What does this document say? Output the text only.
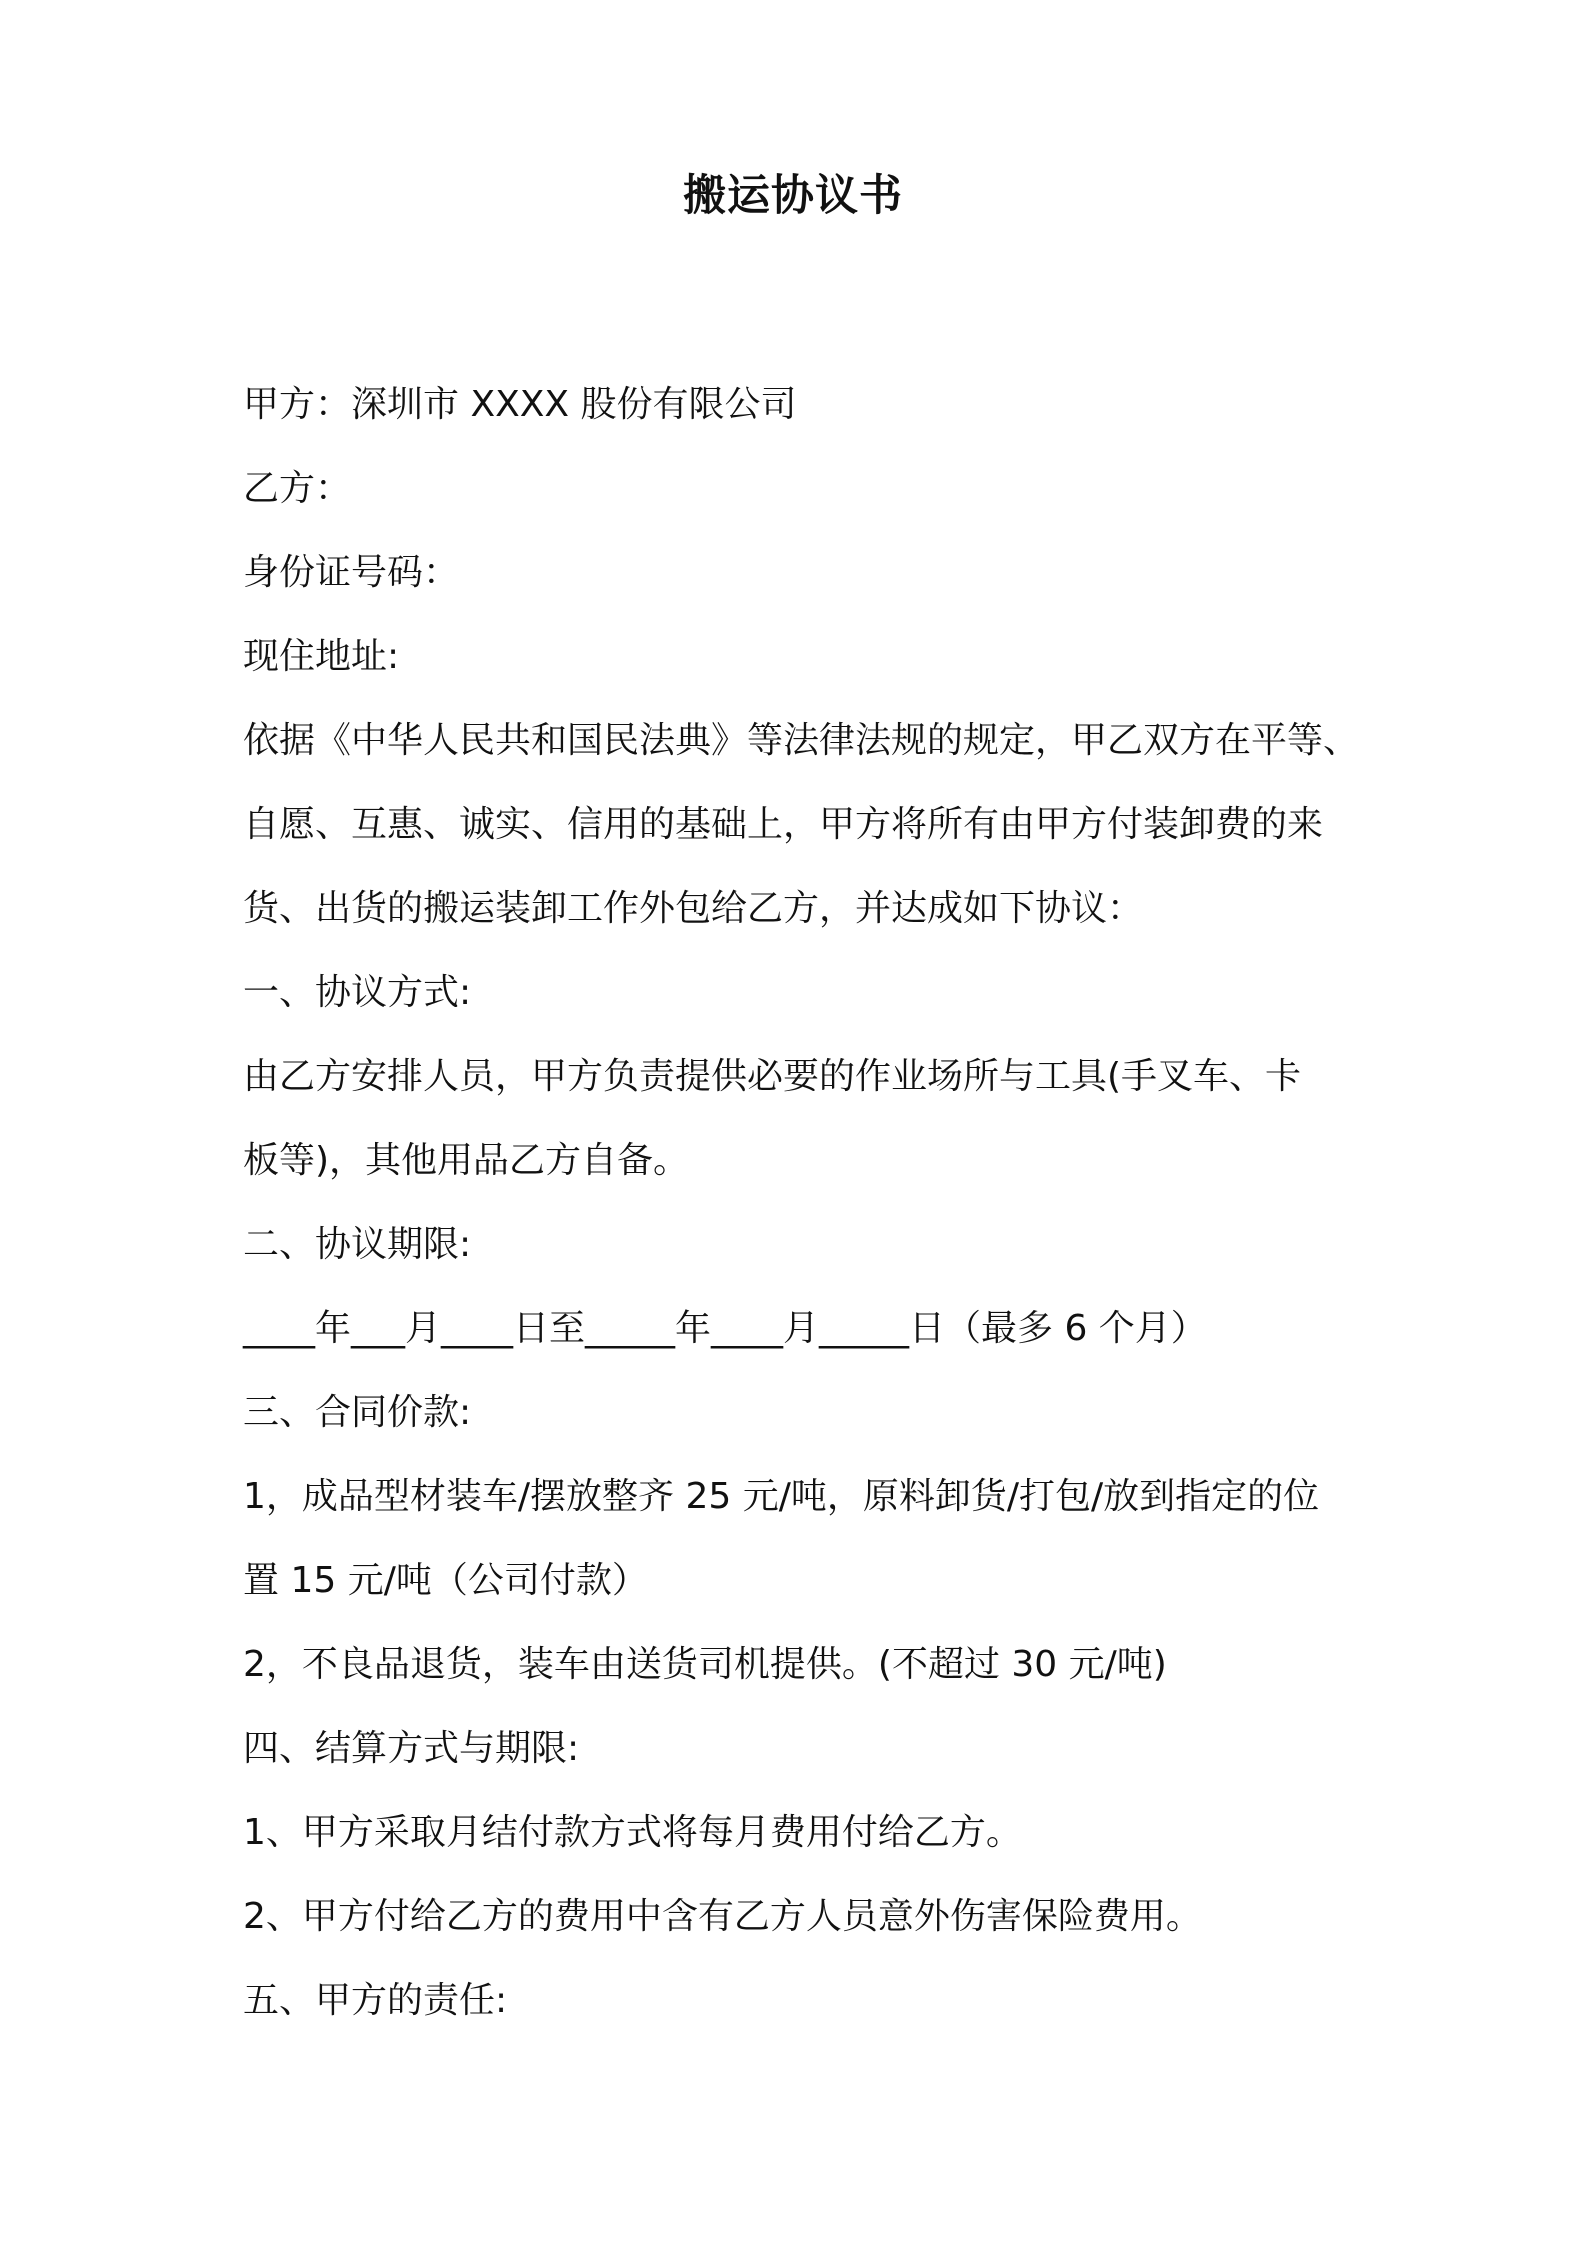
搬运协议书
甲方：深圳市 XXXX 股份有限公司
乙方：
身份证号码：
现住地址:
依据《中华人民共和国民法典》等法律法规的规定，甲乙双方在平等、
自愿、互惠、诚实、信用的基础上，甲方将所有由甲方付装卸费的来
货、出货的搬运装卸工作外包给乙方，并达成如下协议：
一、协议方式:
由乙方安排人员，甲方负责提供必要的作业场所与工具(手叉车、卡
板等)，其他用品乙方自备。
二、协议期限:
____年___月____日至_____年____月_____日（最多 6 个月）
三、合同价款:
1，成品型材装车/摆放整齐 25 元/吨，原料卸货/打包/放到指定的位
置 15 元/吨（公司付款）
2，不良品退货，装车由送货司机提供。(不超过 30 元/吨)
四、结算方式与期限:
1、甲方采取月结付款方式将每月费用付给乙方。
2、甲方付给乙方的费用中含有乙方人员意外伤害保险费用。
五、甲方的责任:
